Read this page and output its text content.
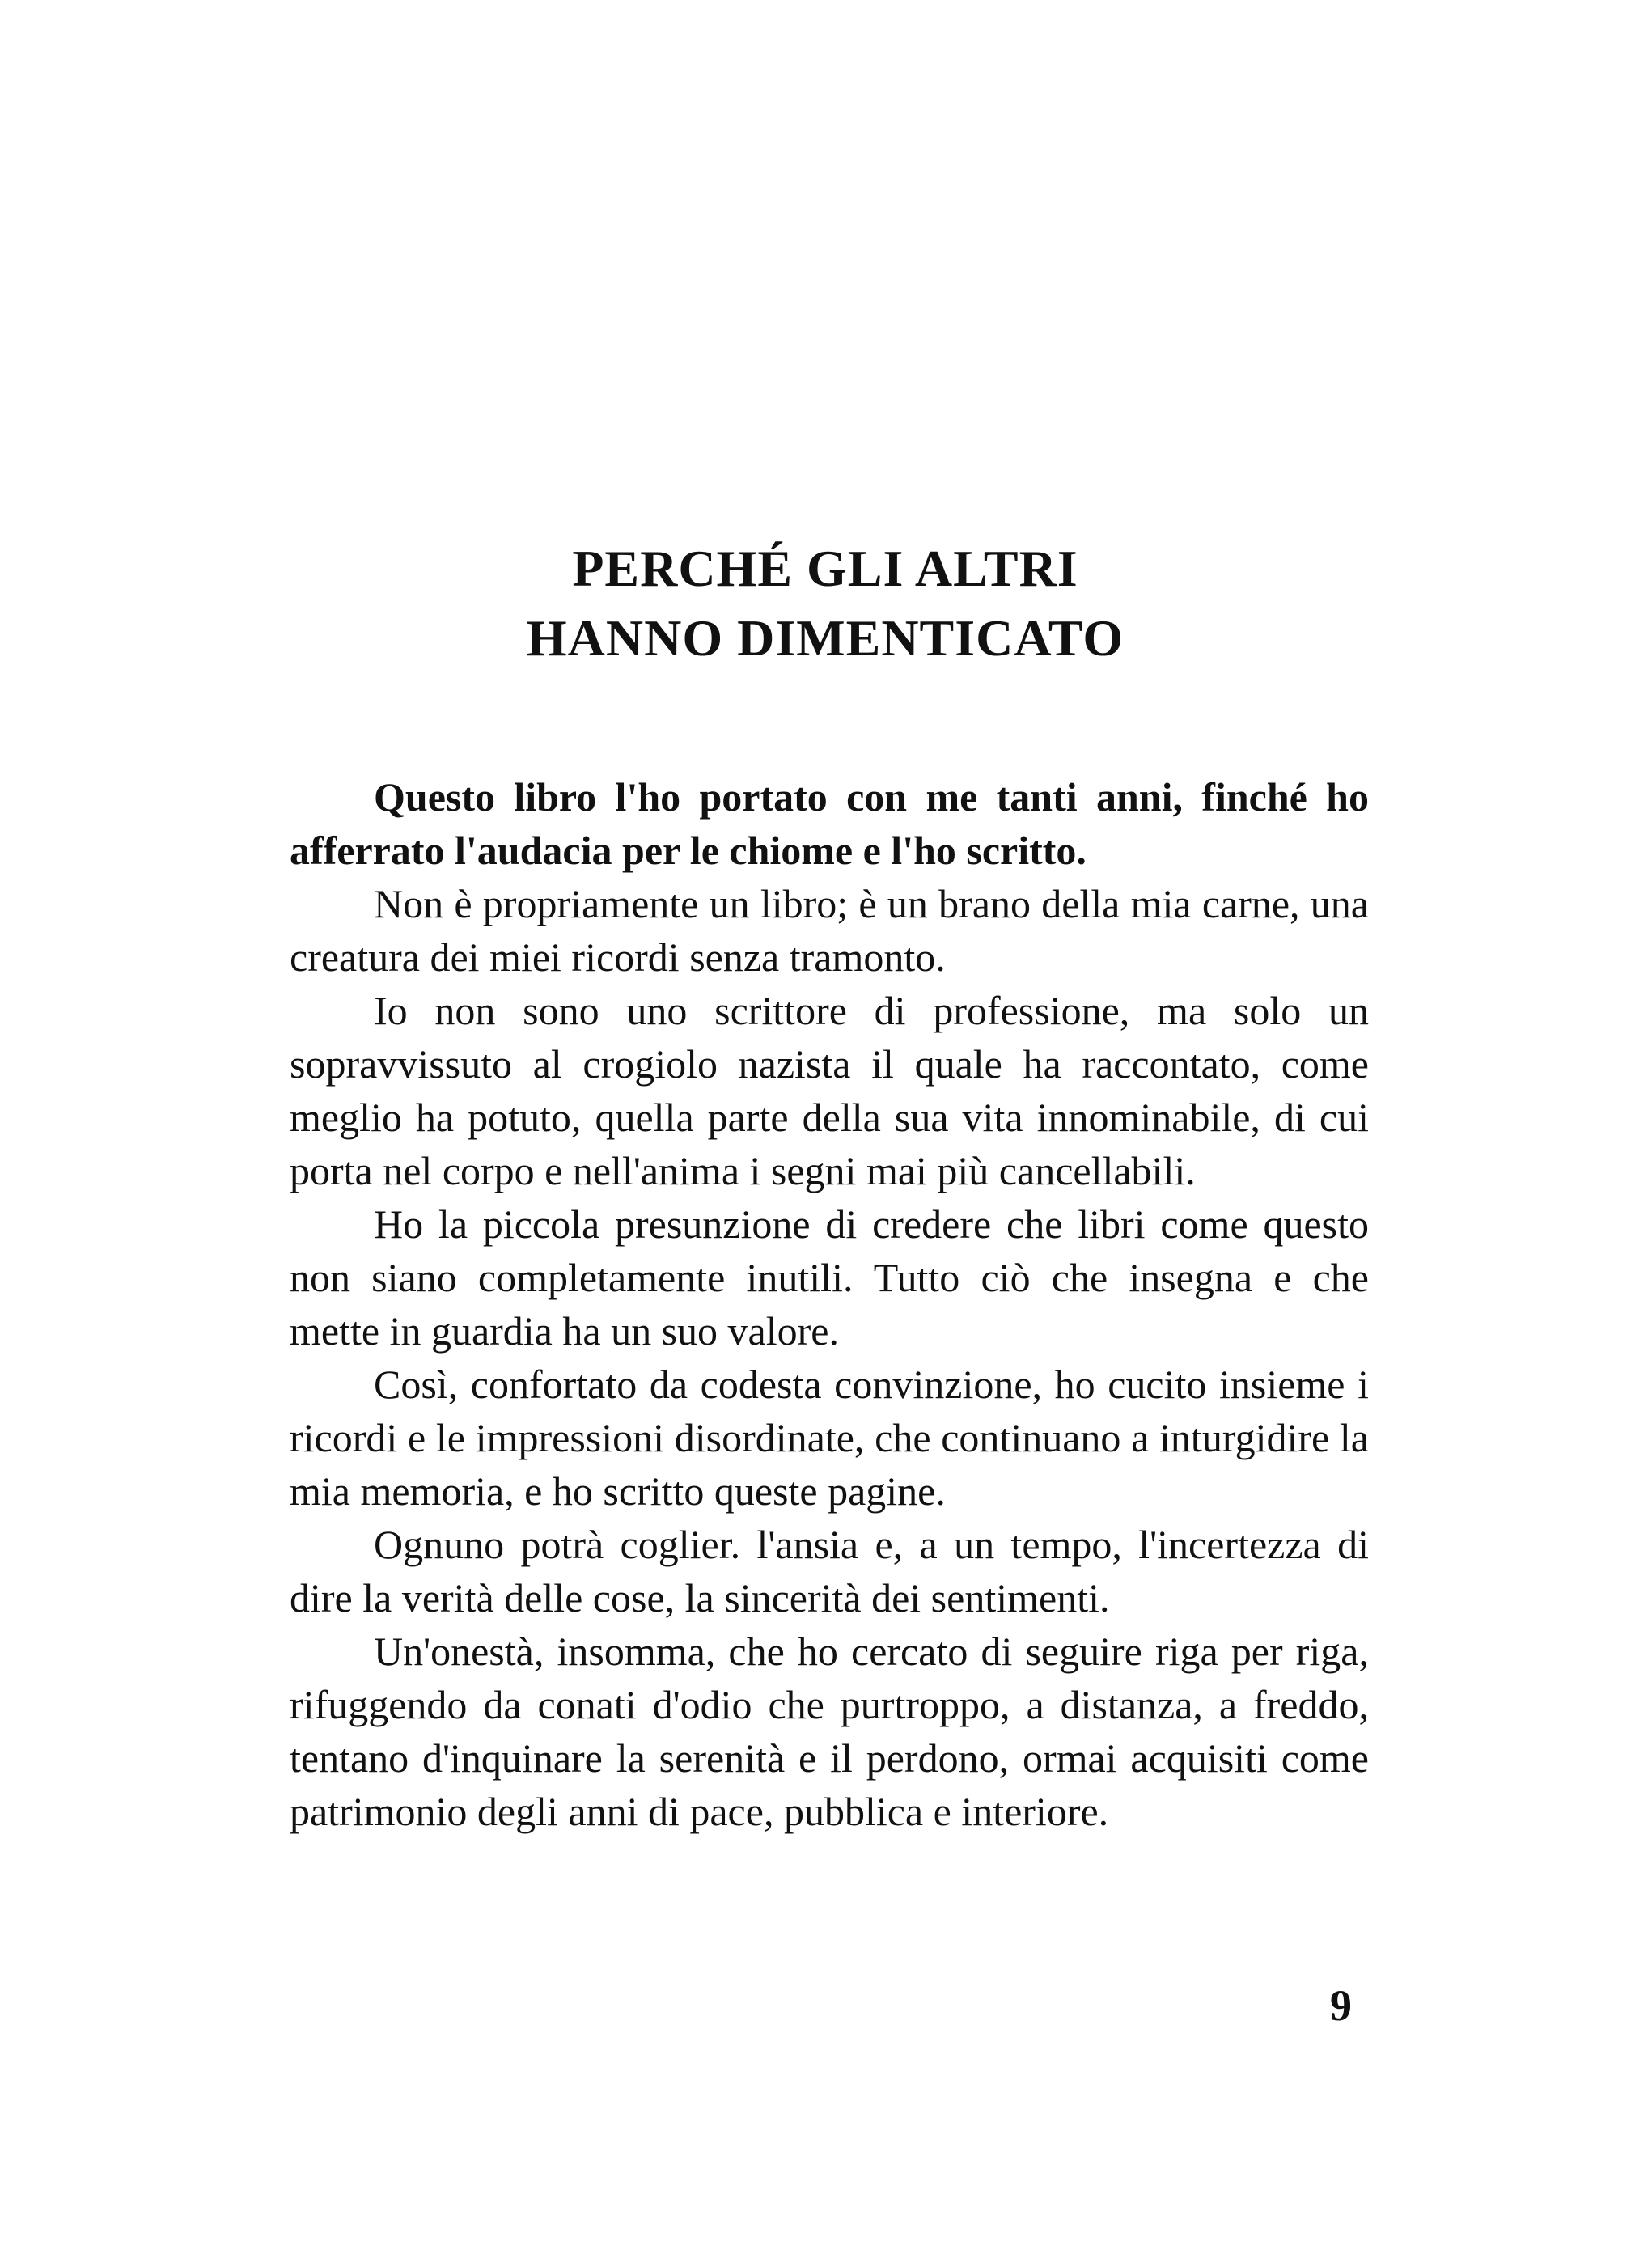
PERCHÉ GLI ALTRI
HANNO DIMENTICATO

Questo libro l'ho portato con me tanti anni, finché ho afferrato l'audacia per le chiome e l'ho scritto.

Non è propriamente un libro; è un brano della mia carne, una creatura dei miei ricordi senza tramonto.

Io non sono uno scrittore di professione, ma solo un sopravvissuto al crogiolo nazista il quale ha raccontato, come meglio ha potuto, quella parte della sua vita innominabile, di cui porta nel corpo e nell'anima i segni mai più cancellabili.

Ho la piccola presunzione di credere che libri come questo non siano completamente inutili. Tutto ciò che insegna e che mette in guardia ha un suo valore.

Così, confortato da codesta convinzione, ho cucito insieme i ricordi e le impressioni disordinate, che continuano a inturgidire la mia memoria, e ho scritto queste pagine.

Ognuno potrà coglier. l'ansia e, a un tempo, l'incertezza di dire la verità delle cose, la sincerità dei sentimenti.

Un'onestà, insomma, che ho cercato di seguire riga per riga, rifuggendo da conati d'odio che purtroppo, a distanza, a freddo, tentano d'inquinare la serenità e il perdono, ormai acquisiti come patrimonio degli anni di pace, pubblica e interiore.

9
